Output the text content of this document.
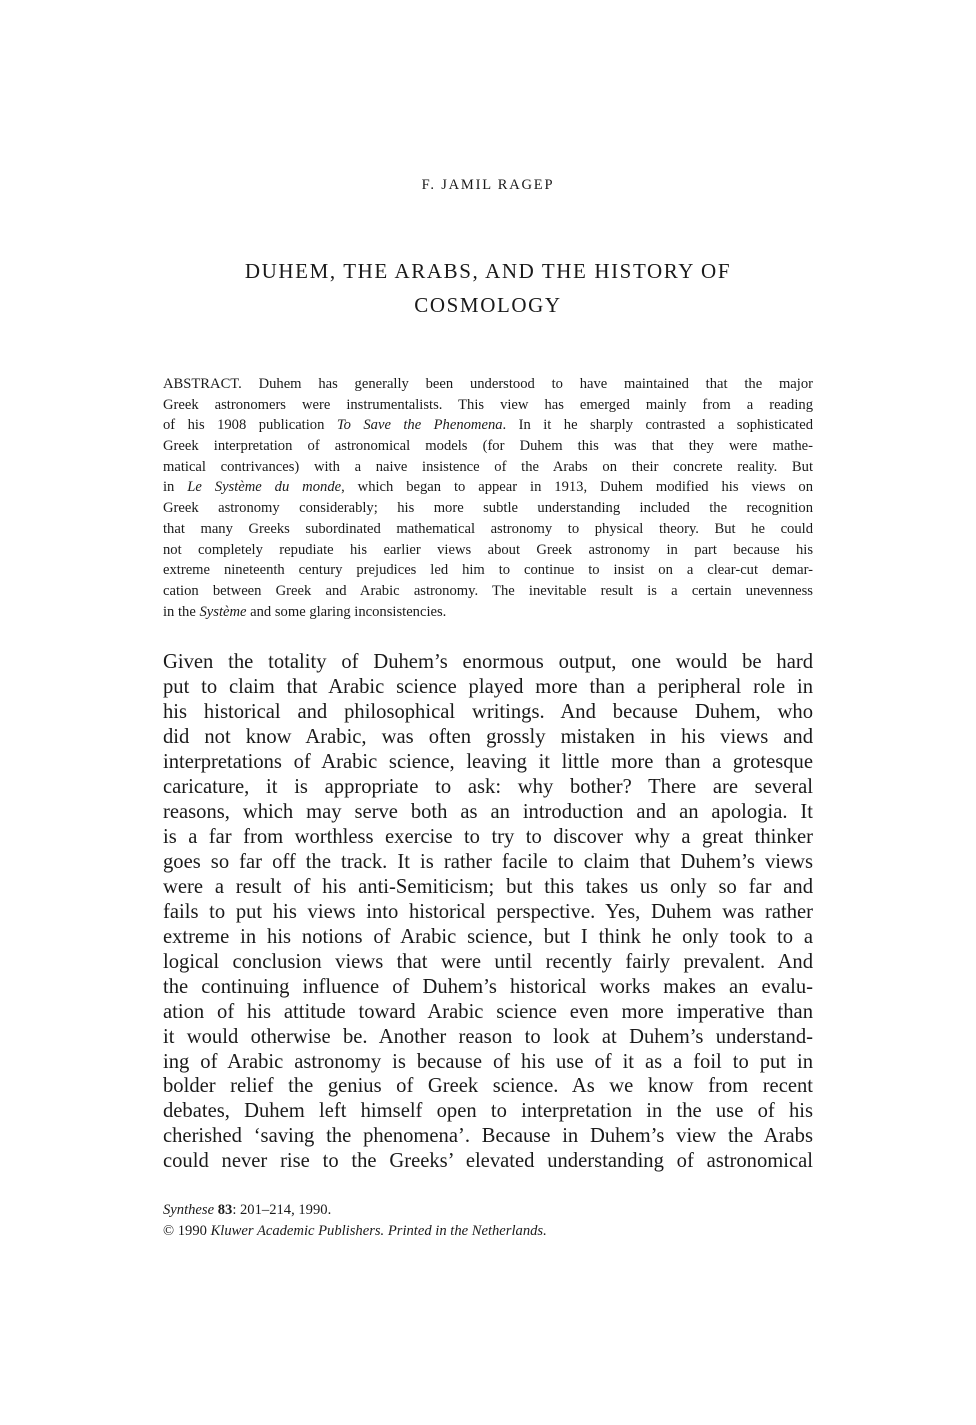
F. JAMIL RAGEP
DUHEM, THE ARABS, AND THE HISTORY OF
COSMOLOGY
ABSTRACT. Duhem has generally been understood to have maintained that the major
Greek astronomers were instrumentalists. This view has emerged mainly from a reading
of his 1908 publication To Save the Phenomena. In it he sharply contrasted a sophisticated
Greek interpretation of astronomical models (for Duhem this was that they were mathe-
matical contrivances) with a naive insistence of the Arabs on their concrete reality. But
in Le Système du monde, which began to appear in 1913, Duhem modified his views on
Greek astronomy considerably; his more subtle understanding included the recognition
that many Greeks subordinated mathematical astronomy to physical theory. But he could
not completely repudiate his earlier views about Greek astronomy in part because his
extreme nineteenth century prejudices led him to continue to insist on a clear-cut demar-
cation between Greek and Arabic astronomy. The inevitable result is a certain unevenness
in the Système and some glaring inconsistencies.
Given the totality of Duhem’s enormous output, one would be hard
put to claim that Arabic science played more than a peripheral role in
his historical and philosophical writings. And because Duhem, who
did not know Arabic, was often grossly mistaken in his views and
interpretations of Arabic science, leaving it little more than a grotesque
caricature, it is appropriate to ask: why bother? There are several
reasons, which may serve both as an introduction and an apologia. It
is a far from worthless exercise to try to discover why a great thinker
goes so far off the track. It is rather facile to claim that Duhem’s views
were a result of his anti-Semiticism; but this takes us only so far and
fails to put his views into historical perspective. Yes, Duhem was rather
extreme in his notions of Arabic science, but I think he only took to a
logical conclusion views that were until recently fairly prevalent. And
the continuing influence of Duhem’s historical works makes an evalu-
ation of his attitude toward Arabic science even more imperative than
it would otherwise be. Another reason to look at Duhem’s understand-
ing of Arabic astronomy is because of his use of it as a foil to put in
bolder relief the genius of Greek science. As we know from recent
debates, Duhem left himself open to interpretation in the use of his
cherished ‘saving the phenomena’. Because in Duhem’s view the Arabs
could never rise to the Greeks’ elevated understanding of astronomical
Synthese 83: 201–214, 1990.
© 1990 Kluwer Academic Publishers. Printed in the Netherlands.
